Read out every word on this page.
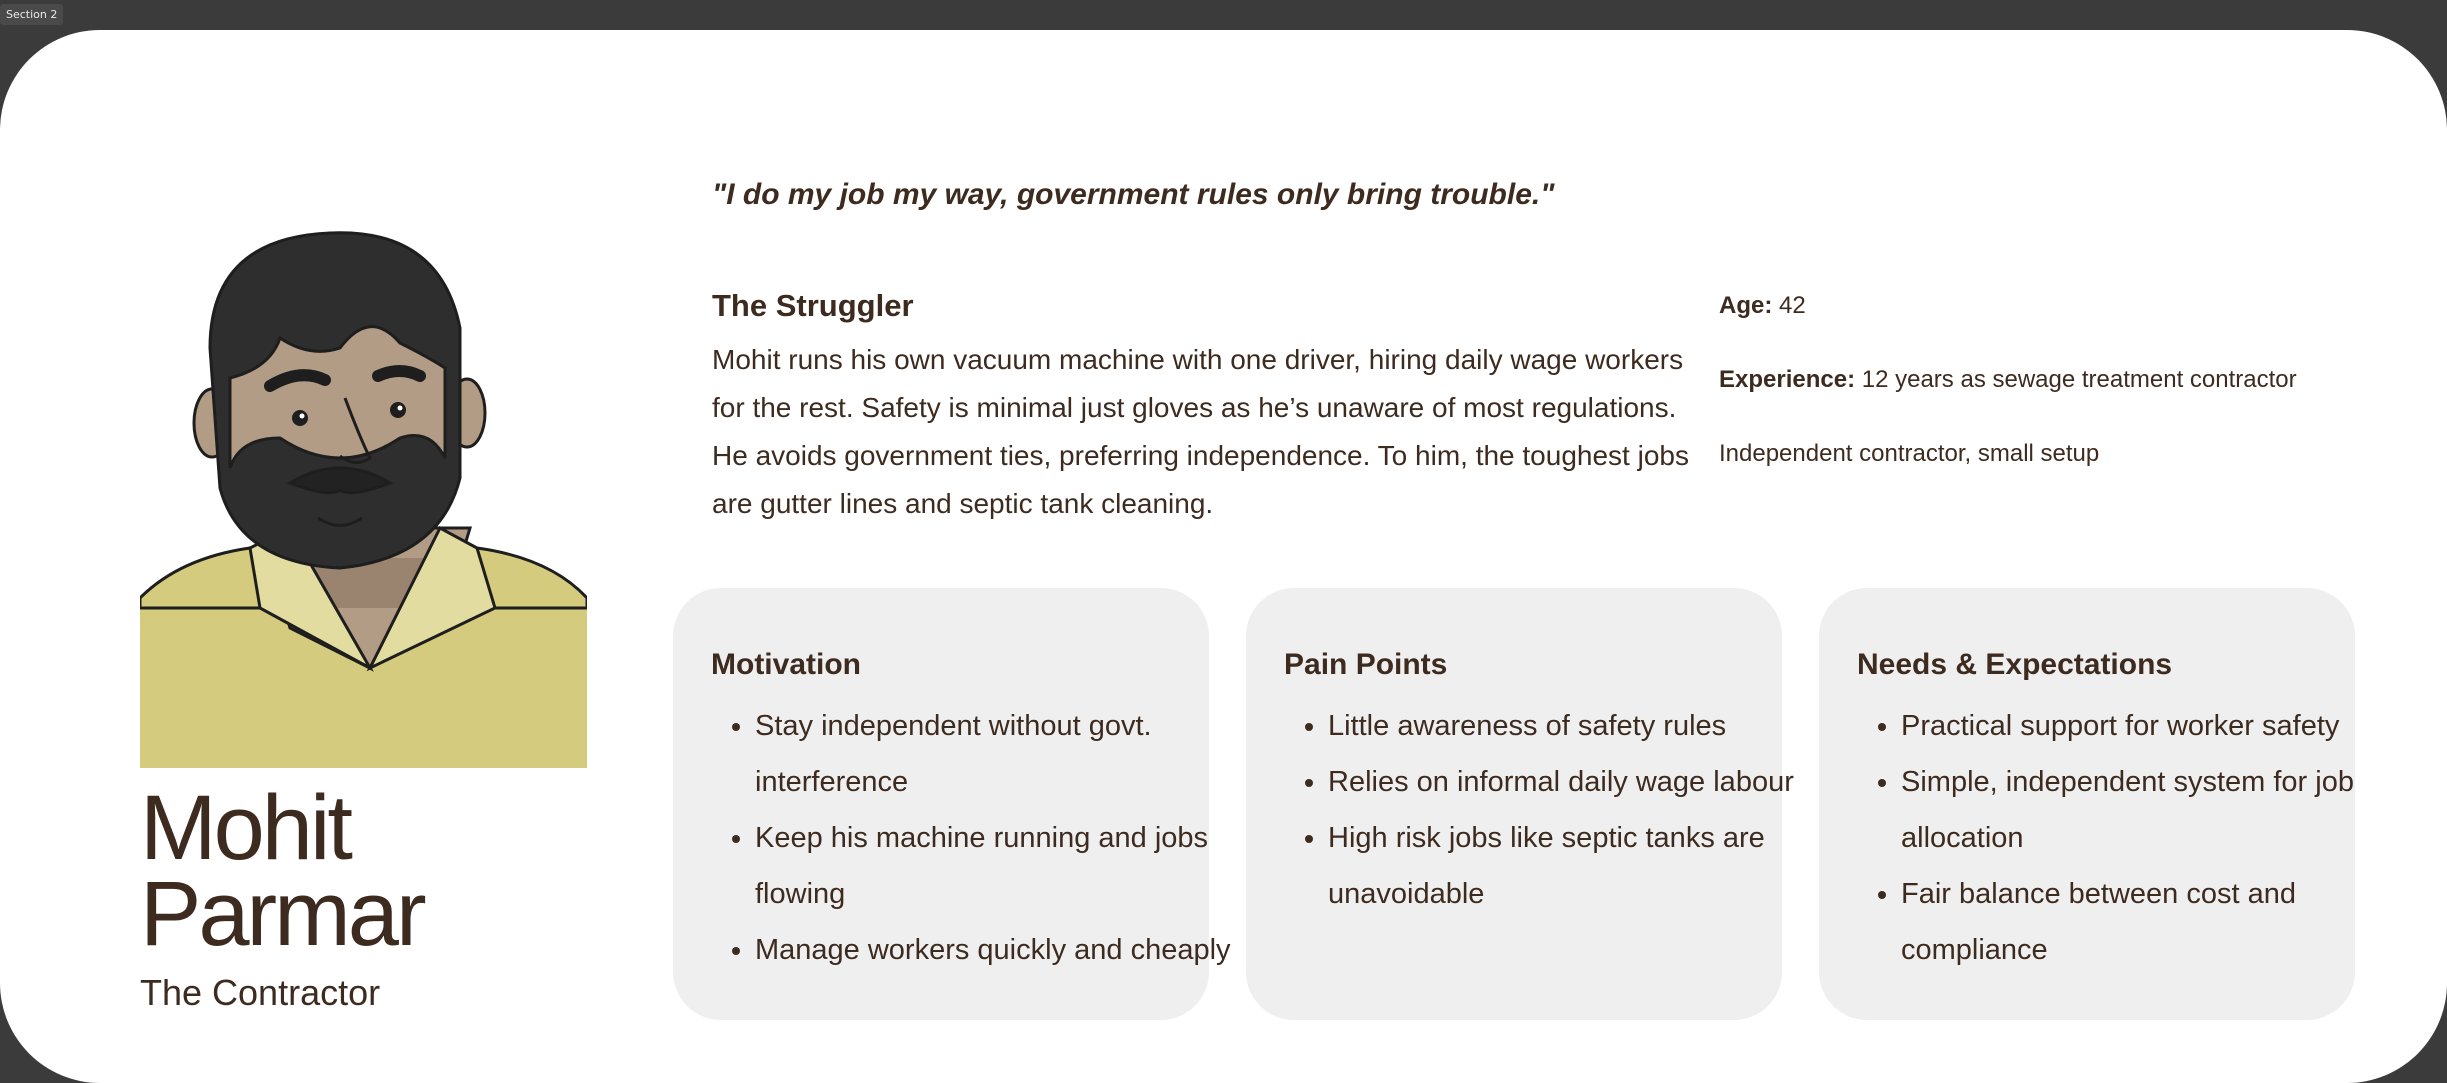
Section 2
Mohit
Parmar
The Contractor
"I do my job my way, government rules only bring trouble."
The Struggler

Mohit runs his own vacuum machine with one driver, hiring daily wage workers for the rest. Safety is minimal just gloves as he’s unaware of most regulations.

He avoids government ties, preferring independence. To him, the toughest jobs are gutter lines and septic tank cleaning.

Age: 42
Experience: 12 years as sewage treatment contractor
Independent contractor, small setup
Motivation
• Stay independent without govt. interference
• Keep his machine running and jobs flowing
• Manage workers quickly and cheaply
Pain Points
• Little awareness of safety rules
• Relies on informal daily wage labour
• High risk jobs like septic tanks are unavoidable
Needs & Expectations
• Practical support for worker safety
• Simple, independent system for job allocation
• Fair balance between cost and compliance
